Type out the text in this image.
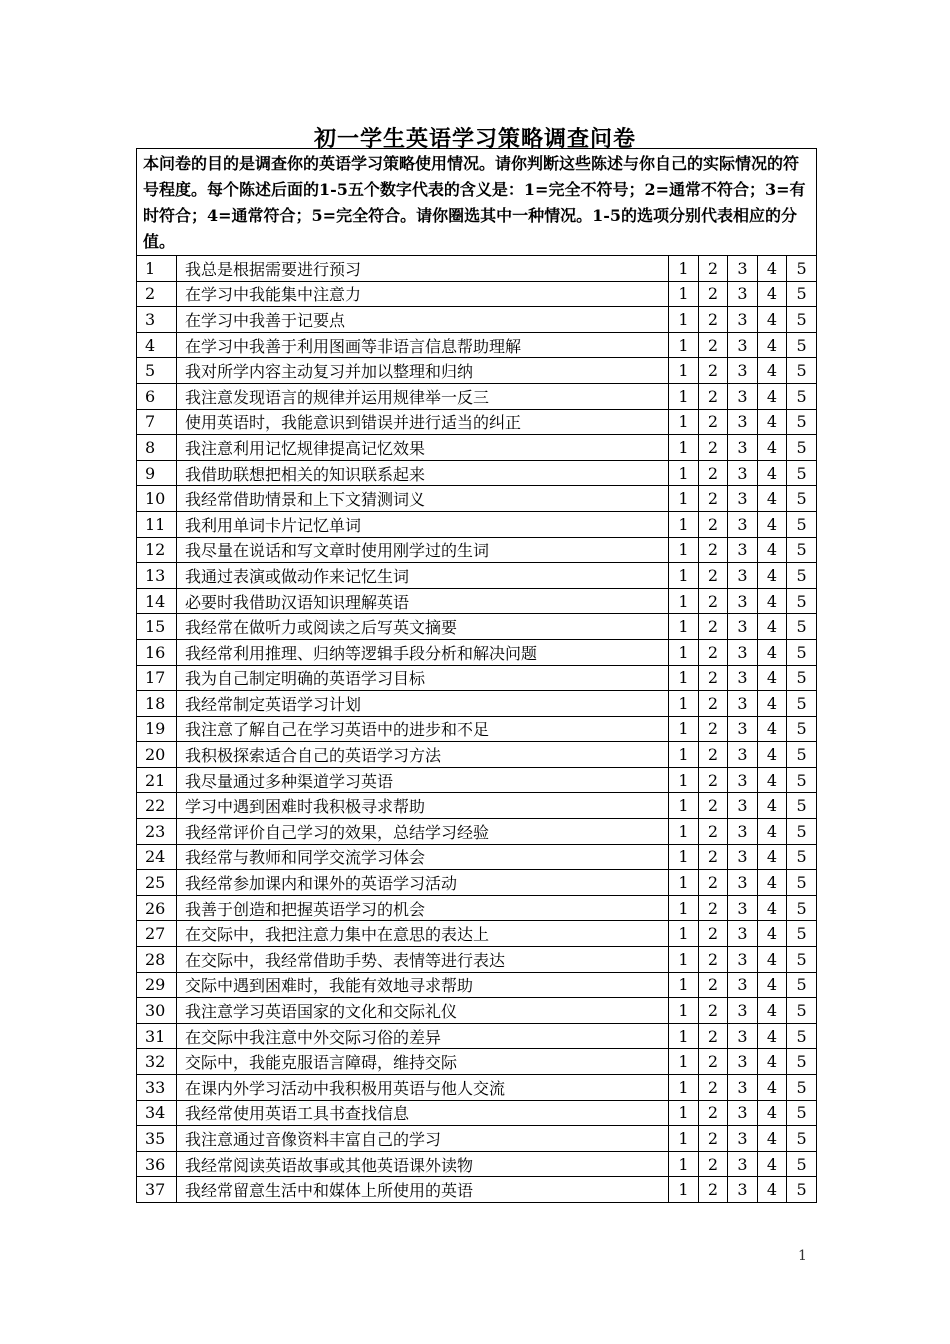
初一学生英语学习策略调查问卷
本问卷的目的是调查你的英语学习策略使用情况。请你判断这些陈述与你自己的实际情况的符号程度。每个陈述后面的1-5五个数字代表的含义是：1=完全不符号；2=通常不符合；3=有时符合；4=通常符合；5=完全符合。请你圈选其中一种情况。1-5的选项分别代表相应的分值。						
1	我总是根据需要进行预习	1	2	3	4	5
2	在学习中我能集中注意力	1	2	3	4	5
3	在学习中我善于记要点	1	2	3	4	5
4	在学习中我善于利用图画等非语言信息帮助理解	1	2	3	4	5
5	我对所学内容主动复习并加以整理和归纳	1	2	3	4	5
6	我注意发现语言的规律并运用规律举一反三	1	2	3	4	5
7	使用英语时，我能意识到错误并进行适当的纠正	1	2	3	4	5
8	我注意利用记忆规律提高记忆效果	1	2	3	4	5
9	我借助联想把相关的知识联系起来	1	2	3	4	5
10	我经常借助情景和上下文猜测词义	1	2	3	4	5
11	我利用单词卡片记忆单词	1	2	3	4	5
12	我尽量在说话和写文章时使用刚学过的生词	1	2	3	4	5
13	我通过表演或做动作来记忆生词	1	2	3	4	5
14	必要时我借助汉语知识理解英语	1	2	3	4	5
15	我经常在做听力或阅读之后写英文摘要	1	2	3	4	5
16	我经常利用推理、归纳等逻辑手段分析和解决问题	1	2	3	4	5
17	我为自己制定明确的英语学习目标	1	2	3	4	5
18	我经常制定英语学习计划	1	2	3	4	5
19	我注意了解自己在学习英语中的进步和不足	1	2	3	4	5
20	我积极探索适合自己的英语学习方法	1	2	3	4	5
21	我尽量通过多种渠道学习英语	1	2	3	4	5
22	学习中遇到困难时我积极寻求帮助	1	2	3	4	5
23	我经常评价自己学习的效果，总结学习经验	1	2	3	4	5
24	我经常与教师和同学交流学习体会	1	2	3	4	5
25	我经常参加课内和课外的英语学习活动	1	2	3	4	5
26	我善于创造和把握英语学习的机会	1	2	3	4	5
27	在交际中，我把注意力集中在意思的表达上	1	2	3	4	5
28	在交际中，我经常借助手势、表情等进行表达	1	2	3	4	5
29	交际中遇到困难时，我能有效地寻求帮助	1	2	3	4	5
30	我注意学习英语国家的文化和交际礼仪	1	2	3	4	5
31	在交际中我注意中外交际习俗的差异	1	2	3	4	5
32	交际中，我能克服语言障碍，维持交际	1	2	3	4	5
33	在课内外学习活动中我积极用英语与他人交流	1	2	3	4	5
34	我经常使用英语工具书查找信息	1	2	3	4	5
35	我注意通过音像资料丰富自己的学习	1	2	3	4	5
36	我经常阅读英语故事或其他英语课外读物	1	2	3	4	5
37	我经常留意生活中和媒体上所使用的英语	1	2	3	4	5
1
